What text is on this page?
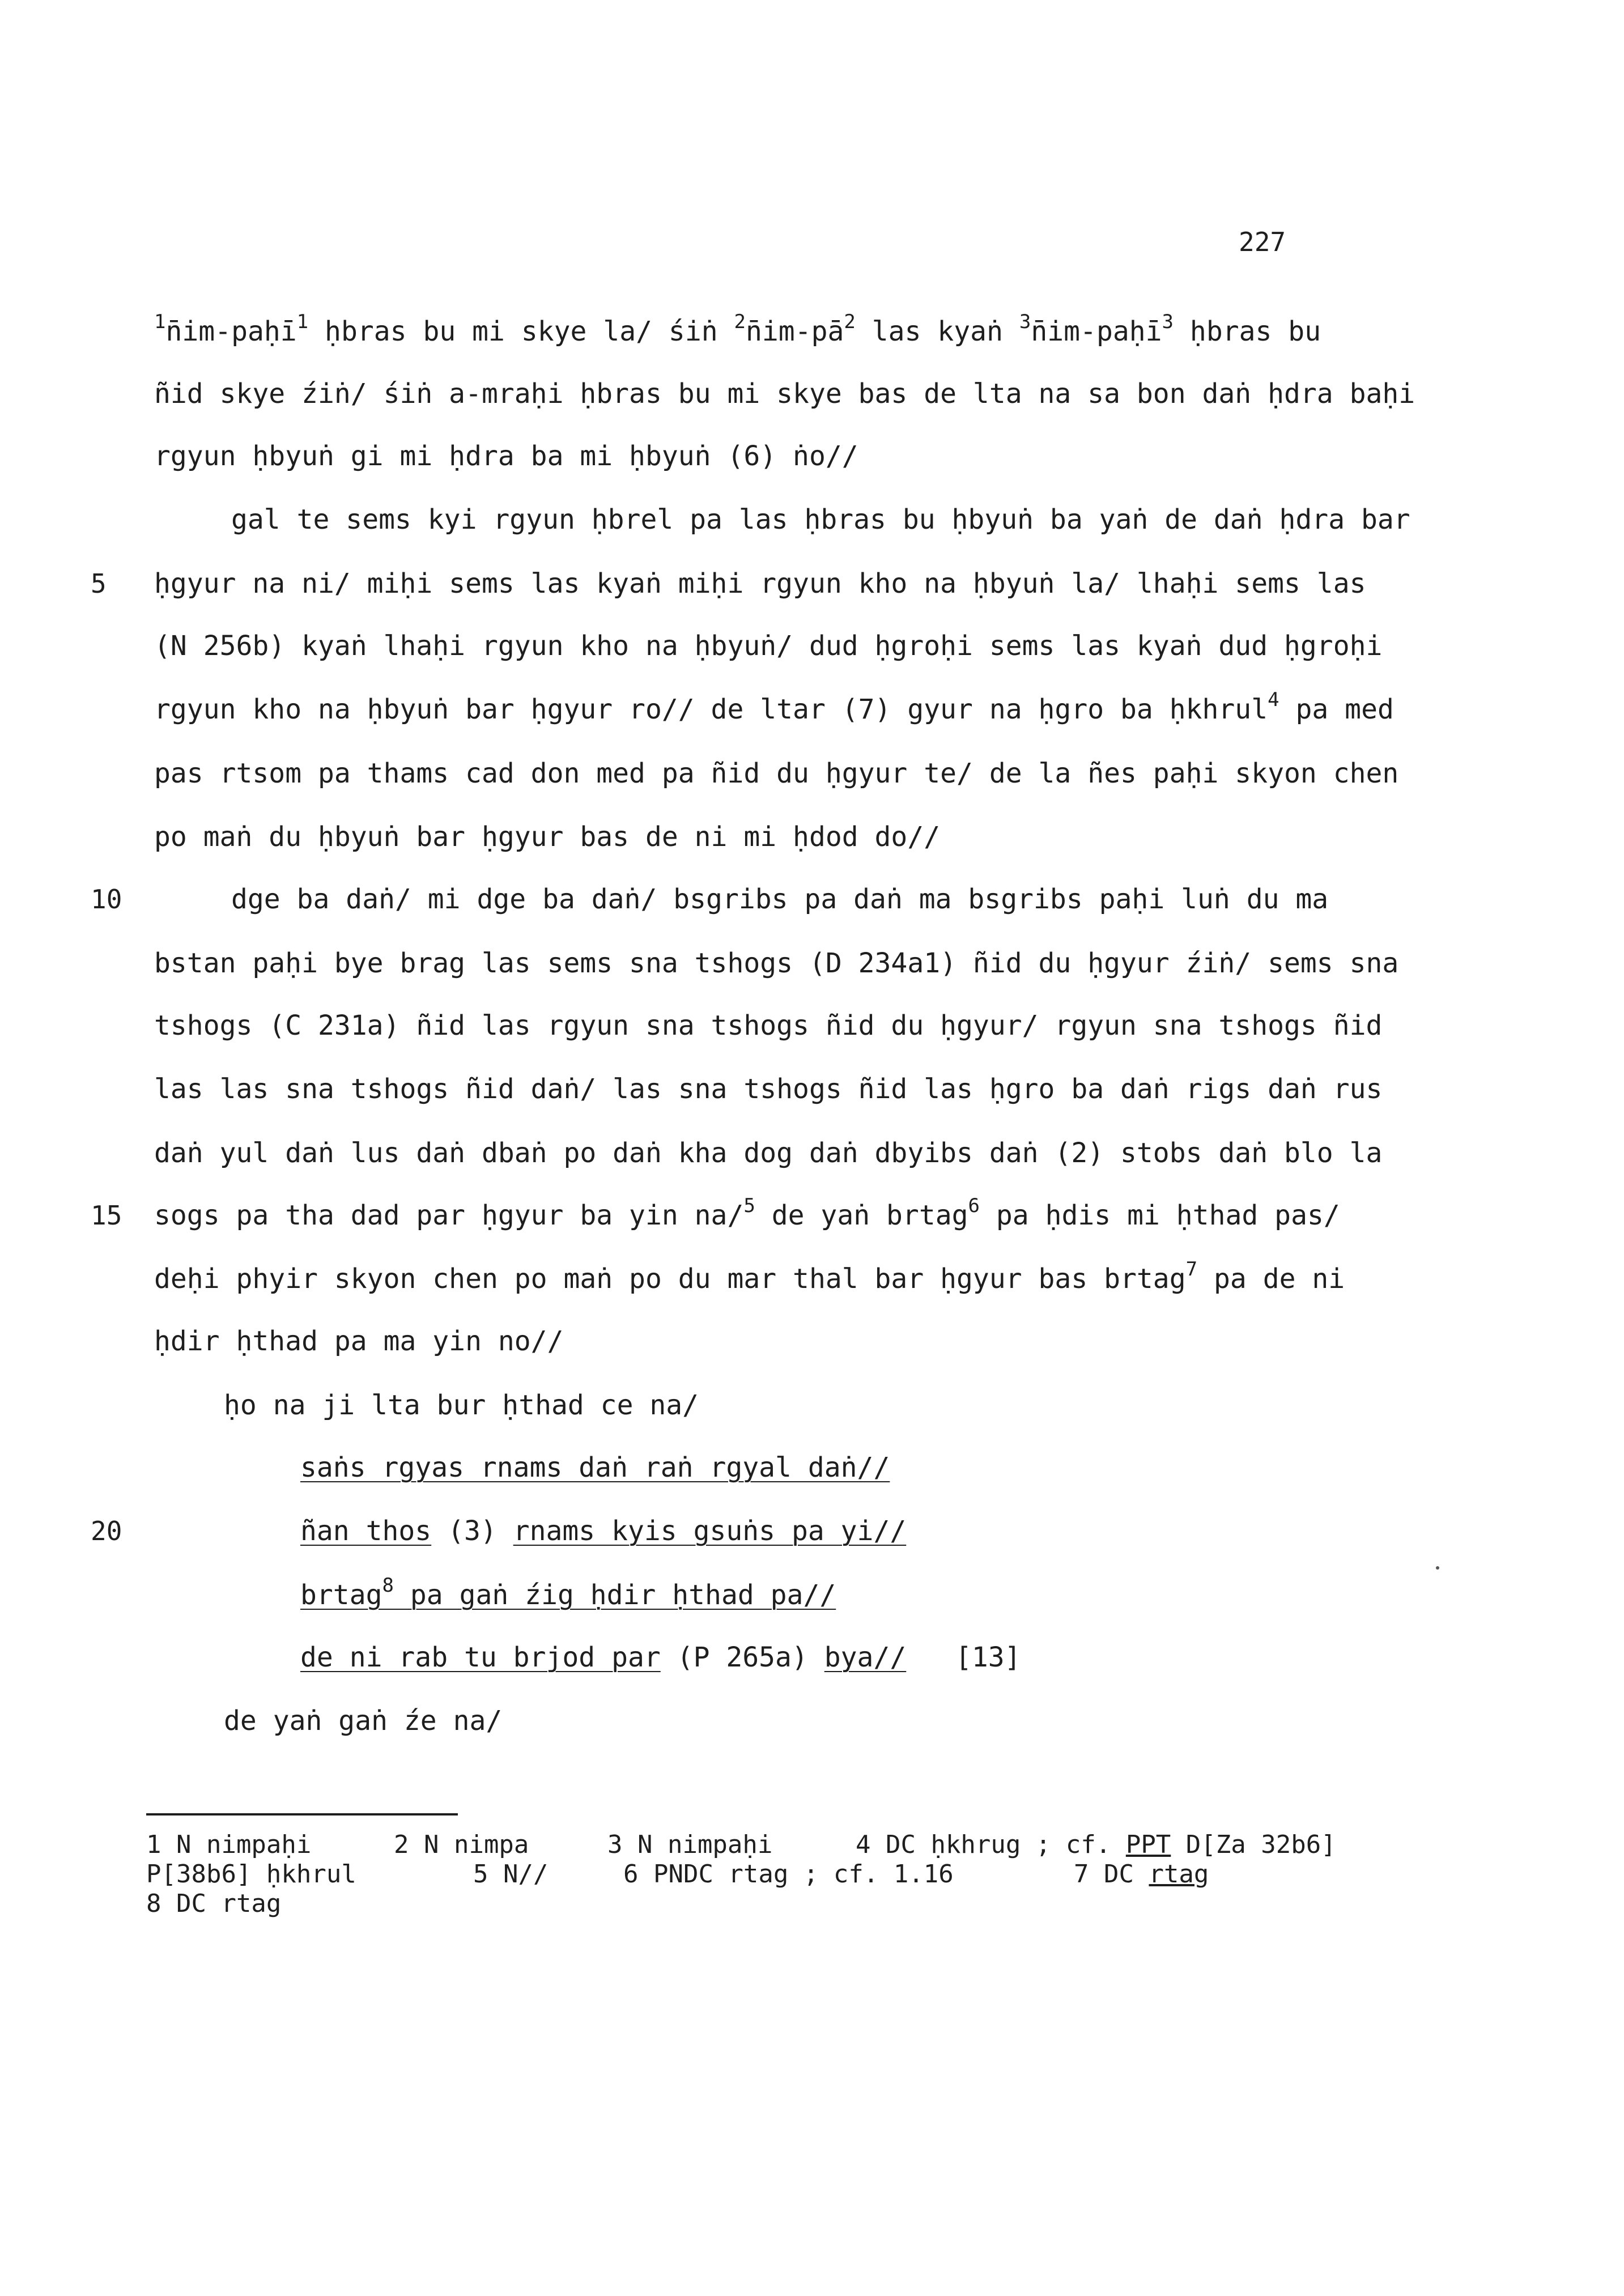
227
$^1$n̄im-paḥī$^1$ ḥbras bu mi skye la/ śiṅ $^2n̄im-pā^2$ las kyaṅ $^3$n̄im-paḥī$^3$ ḥbras bu
ñid skye źiṅ/ śiṅ a-mraḥi ḥbras bu mi skye bas de lta na sa bon daṅ ḥdra baḥi
rgyun ḥbyuṅ gi mi ḥdra ba mi ḥbyuṅ (6) ṅo//
gal te sems kyi rgyun ḥbrel pa las ḥbras bu ḥbyuṅ ba yaṅ de daṅ ḥdra bar
5 ḥgyur na ni/ miḥi sems las kyaṅ miḥi rgyun kho na ḥbyuṅ la/ lhaḥi sems las
(N 256b) kyaṅ lhaḥi rgyun kho na ḥbyuṅ/ dud ḥgroḥi sems las kyaṅ dud ḥgroḥi
rgyun kho na ḥbyuṅ bar ḥgyur ro// de ltar (7) gyur na ḥgro ba ḥkhrul$^4$ pa med
pas rtsom pa thams cad don med pa ñid du ḥgyur te/ de la ñes paḥi skyon chen
po maṅ du ḥbyuṅ bar ḥgyur bas de ni mi ḥdod do//
10	dge ba daṅ/ mi dge ba daṅ/ bsgribs pa daṅ ma bsgribs paḥi luṅ du ma
bstan paḥi bye brag las sems sna tshogs (D 234a1) ñid du ḥgyur źiṅ/ sems sna
tshogs (C 231a) ñid las rgyun sna tshogs ñid du ḥgyur/ rgyun sna tshogs ñid
las las sna tshogs ñid daṅ/ las sna tshogs ñid las ḥgro ba daṅ rigs daṅ rus
daṅ yul daṅ lus daṅ dbaṅ po daṅ kha dog daṅ dbyibs daṅ (2) stobs daṅ blo la
15 sogs pa tha dad par ḥgyur ba yin na/$^5$ de yaṅ brtag$^6$ pa ḥdis mi ḥthad pas/
deḥi phyir skyon chen po maṅ po du mar thal bar ḥgyur bas brtag$^7$ pa de ni
ḥdir ḥthad pa ma yin no//
ḥo na ji lta bur ḥthad ce na/
saṅs rgyas rnams daṅ raṅ rgyal daṅ//
20	ñan thos (3) rnams kyis gsuṅs pa yi//
brtag$^8$ pa gaṅ źig ḥdir ḥthad pa//
de ni rab tu brjod par (P 265a) bya//   [13]
de yaṅ gaṅ źe na/
1 N nimpaḥi	2 N nimpa	3 N nimpaḥi	4 DC ḥkhrug ; cf. PPT D[Za 32b6]
P[38b6] ḥkhrul	5 N//	6 PNDC rtag ; cf. 1.16	7 DC rtag
8 DC rtag
